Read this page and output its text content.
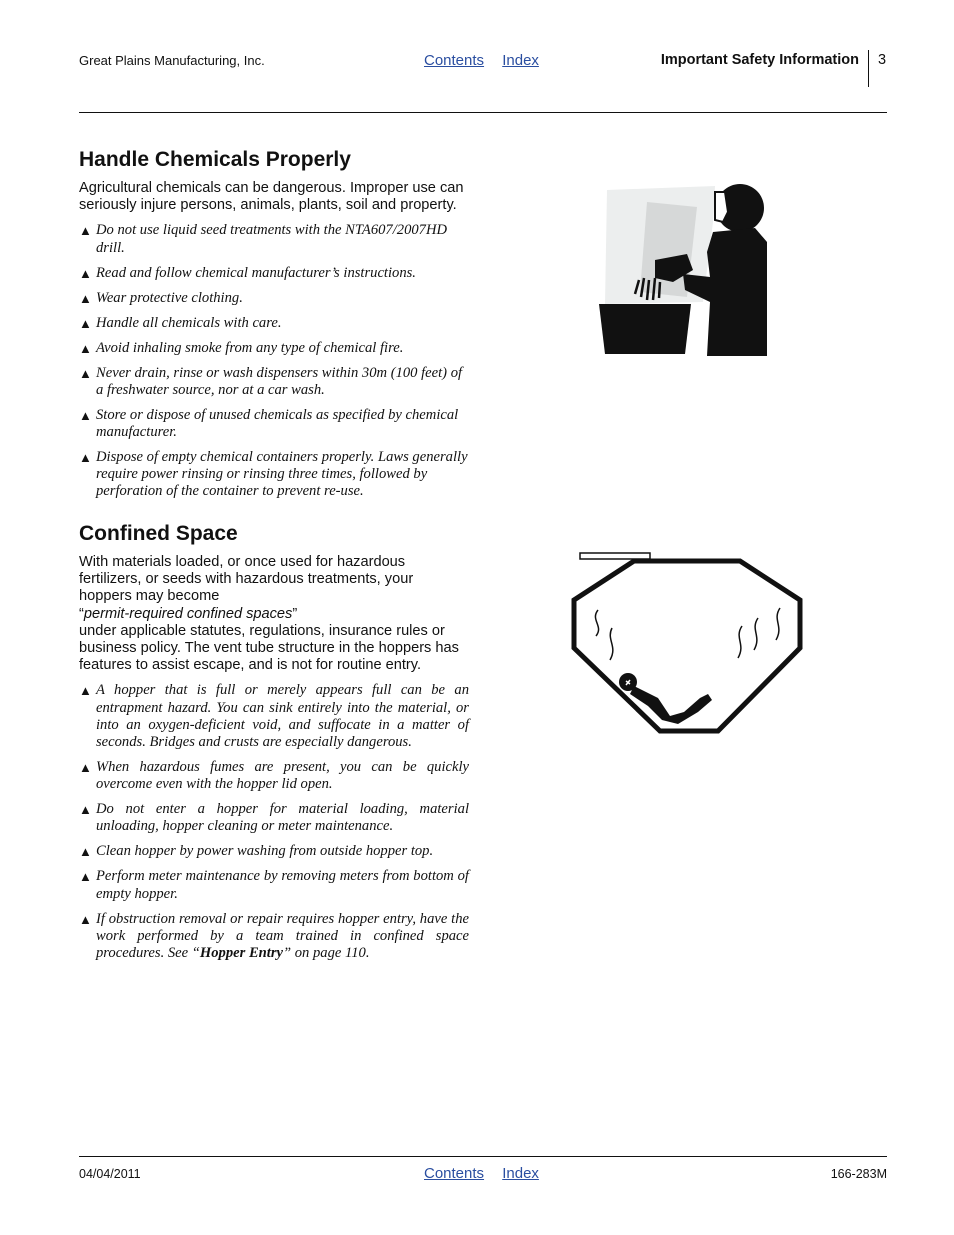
Great Plains Manufacturing, Inc.	Contents Index	Important Safety Information 3
Handle Chemicals Properly

Agricultural chemicals can be dangerous. Improper use can seriously injure persons, animals, plants, soil and property.

▲ Do not use liquid seed treatments with the NTA607/2007HD drill.
▲ Read and follow chemical manufacturer’s instructions.
▲ Wear protective clothing.
▲ Handle all chemicals with care.
▲ Avoid inhaling smoke from any type of chemical fire.
▲ Never drain, rinse or wash dispensers within 30m (100 feet) of a freshwater source, nor at a car wash.
▲ Store or dispose of unused chemicals as specified by chemical manufacturer.
▲ Dispose of empty chemical containers properly. Laws generally require power rinsing or rinsing three times, followed by perforation of the container to prevent re-use.
Confined Space

With materials loaded, or once used for hazardous fertilizers, or seeds with hazardous treatments, your hoppers may become
“permit-required confined spaces”
under applicable statutes, regulations, insurance rules or business policy. The vent tube structure in the hoppers has features to assist escape, and is not for routine entry.

▲ A hopper that is full or merely appears full can be an entrapment hazard. You can sink entirely into the material, or into an oxygen-deficient void, and suffocate in a matter of seconds. Bridges and crusts are especially dangerous.
▲ When hazardous fumes are present, you can be quickly overcome even with the hopper lid open.
▲ Do not enter a hopper for material loading, material unloading, hopper cleaning or meter maintenance.
▲ Clean hopper by power washing from outside hopper top.
▲ Perform meter maintenance by removing meters from bottom of empty hopper.
▲ If obstruction removal or repair requires hopper entry, have the work performed by a team trained in confined space procedures. See “Hopper Entry” on page 110.
04/04/2011	Contents Index	166-283M
